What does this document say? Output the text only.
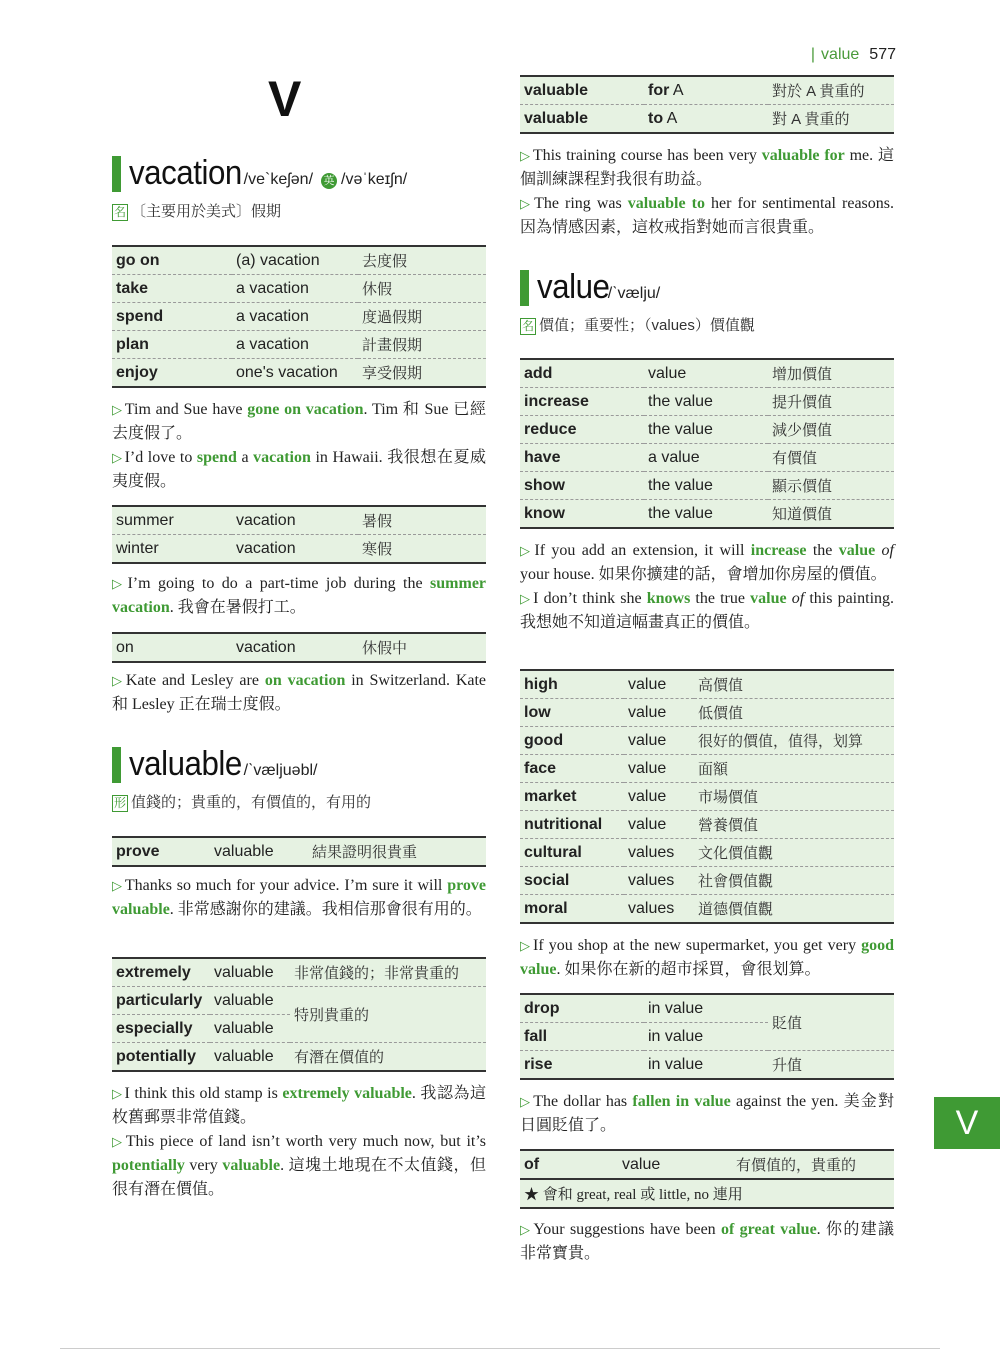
| value 577
V
vacation /ve`keʃən/ 英 /vəˈkeɪʃn/
名 〔主要用於美式〕假期
go on	(a) vacation	去度假
take	a vacation	休假
spend	a vacation	度過假期
plan	a vacation	計畫假期
enjoy	one's vacation	享受假期
▷ Tim and Sue have gone on vacation. Tim 和 Sue 已經去度假了。
▷ I’d love to spend a vacation in Hawaii. 我很想在夏威夷度假。
summer	vacation	暑假
winter	vacation	寒假
▷ I’m going to do a part-time job during the summer vacation. 我會在暑假打工。
on	vacation	休假中
▷ Kate and Lesley are on vacation in Switzerland. Kate 和 Lesley 正在瑞士度假。
valuable /ˋvæljuəbl/
形 值錢的；貴重的，有價值的，有用的
prove	valuable	結果證明很貴重
▷ Thanks so much for your advice. I’m sure it will prove valuable. 非常感謝你的建議。我相信那會很有用的。
extremely	valuable	非常值錢的；非常貴重的
particularly	valuable	特別貴重的
especially	valuable	
potentially	valuable	有潛在價值的
▷ I think this old stamp is extremely valuable. 我認為這枚舊郵票非常值錢。
▷ This piece of land isn’t worth very much now, but it’s potentially very valuable. 這塊土地現在不太值錢，但很有潛在價值。
valuable	for A	對於 A 貴重的
valuable	to A	對 A 貴重的
▷ This training course has been very valuable for me. 這個訓練課程對我很有助益。
▷ The ring was valuable to her for sentimental reasons. 因為情感因素，這枚戒指對她而言很貴重。
value
/ˋvælju/
名 價值；重要性；（values）價值觀
add	value	增加價值
increase	the value	提升價值
reduce	the value	減少價值
have	a value	有價值
show	the value	顯示價值
know	the value	知道價值
▷ If you add an extension, it will increase the value of your house. 如果你擴建的話，會增加你房屋的價值。
▷ I don’t think she knows the true value of this painting. 我想她不知道這幅畫真正的價值。
high	value	高價值
low	value	低價值
good	value	很好的價值，值得，划算
face	value	面額
market	value	市場價值
nutritional	value	營養價值
cultural	values	文化價值觀
social	values	社會價值觀
moral	values	道德價值觀
▷ If you shop at the new supermarket, you get very good value. 如果你在新的超市採買，會很划算。
drop	in value	貶值
fall	in value	
rise	in value	升值
▷ The dollar has fallen in value against the yen. 美金對日圓貶值了。
of	value	有價值的，貴重的
★ 會和 great, real 或 little, no 連用
▷ Your suggestions have been of great value. 你的建議非常寶貴。
V
